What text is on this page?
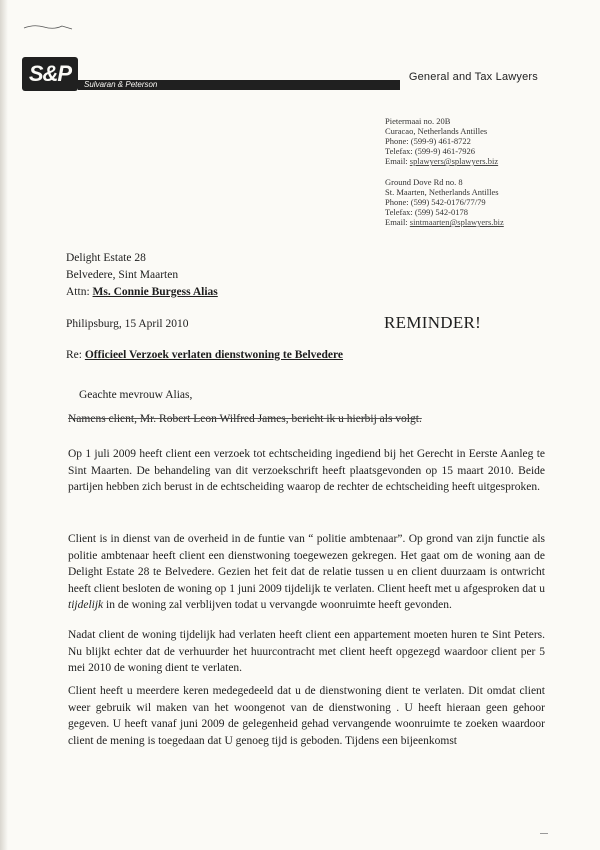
S&P	Sulvaran & Peterson
General and Tax Lawyers
Pietermaai no. 20B
Curacao, Netherlands Antilles
Phone: (599-9) 461-8722
Telefax: (599-9) 461-7926
Email: splawyers@splawyers.biz
Ground Dove Rd no. 8
St. Maarten, Netherlands Antilles
Phone: (599) 542-0176/77/79
Telefax: (599) 542-0178
Email: sintmaarten@splawyers.biz
Delight Estate 28
Belvedere, Sint Maarten
Attn: Ms. Connie Burgess Alias
Philipsburg, 15 April 2010	REMINDER!
Re: Officieel Verzoek verlaten dienstwoning te Belvedere
Geachte mevrouw Alias,
Namens client, Mr. Robert Leon Wilfred James, bericht ik u hierbij als volgt.
Op 1 juli 2009 heeft client een verzoek tot echtscheiding ingediend bij het Gerecht in Eerste Aanleg te Sint Maarten. De behandeling van dit verzoekschrift heeft plaatsgevonden op 15 maart 2010. Beide partijen hebben zich berust in de echtscheiding waarop de rechter de echtscheiding heeft uitgesproken.
Client is in dienst van de overheid in de funtie van “ politie ambtenaar”. Op grond van zijn functie als politie ambtenaar heeft client een dienstwoning toegewezen gekregen. Het gaat om de woning aan de Delight Estate 28 te Belvedere. Gezien het feit dat de relatie tussen u en client duurzaam is ontwricht heeft client besloten de woning op 1 juni 2009 tijdelijk te verlaten. Client heeft met u afgesproken dat u tijdelijk in de woning zal verblijven todat u vervangde woonruimte heeft gevonden.
Nadat client de woning tijdelijk had verlaten heeft client een appartement moeten huren te Sint Peters. Nu blijkt echter dat de verhuurder het huurcontracht met client heeft opgezegd waardoor client per 5 mei 2010 de woning dient te verlaten.
Client heeft u meerdere keren medegedeeld dat u de dienstwoning dient te verlaten. Dit omdat client weer gebruik wil maken van het woongenot van de dienstwoning . U heeft hieraan geen gehoor gegeven. U heeft vanaf juni 2009 de gelegenheid gehad vervangende woonruimte te zoeken waardoor client de mening is toegedaan dat U genoeg tijd is geboden. Tijdens een bijeenkomst
